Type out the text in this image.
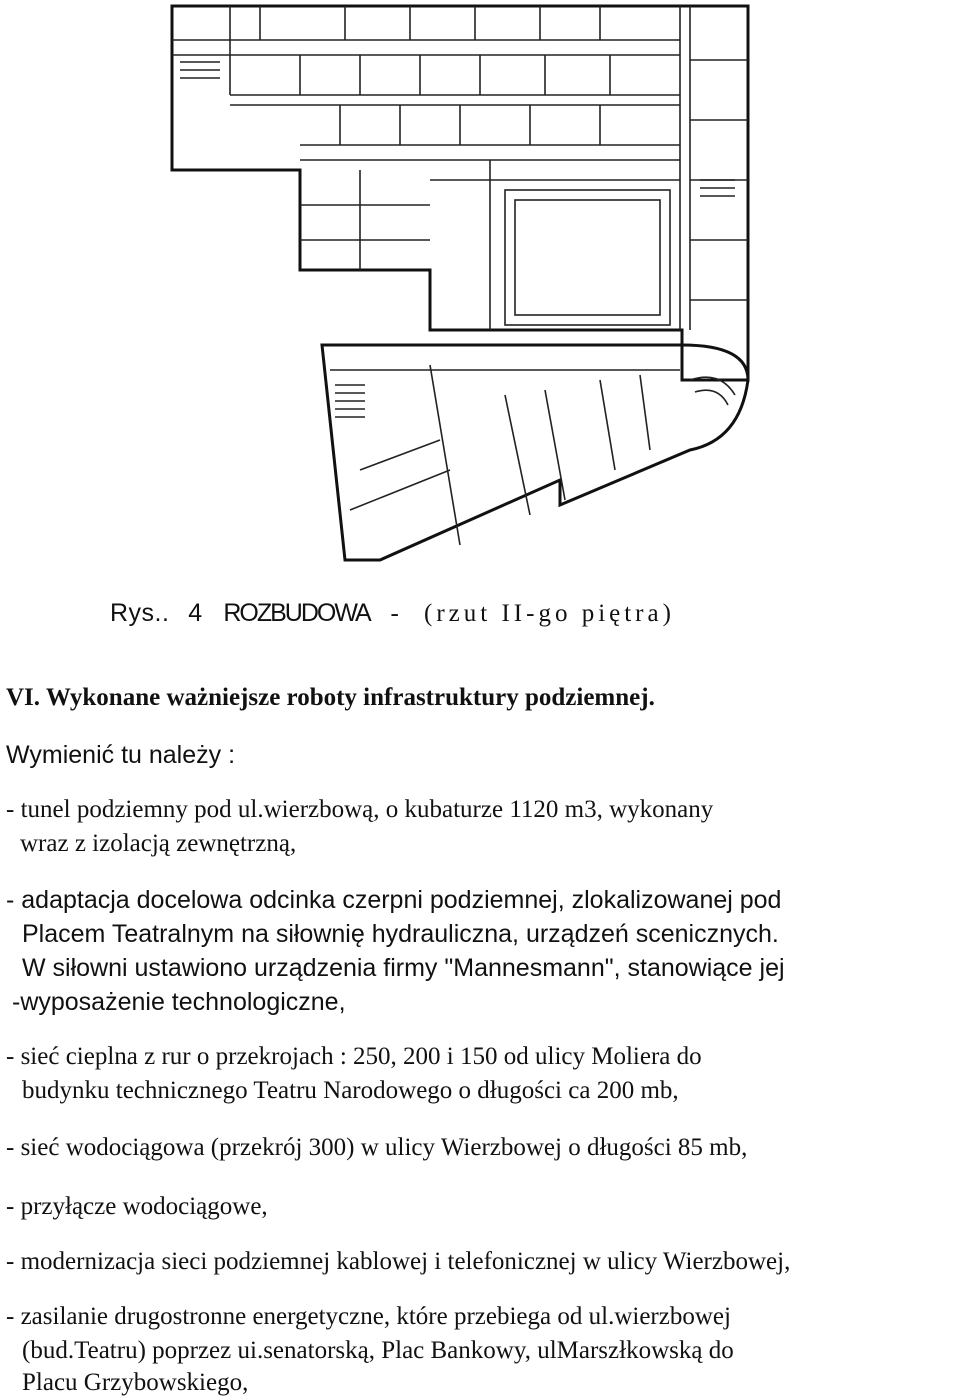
Rys.. 4 ROZBUDOWA - (rzut II-go piętra)
VI. Wykonane ważniejsze roboty infrastruktury podziemnej.
Wymienić tu należy :
- tunel podziemny pod ul.wierzbową, o kubaturze 1120 m3, wykonany
wraz z izolacją zewnętrzną,
- adaptacja docelowa odcinka czerpni podziemnej, zlokalizowanej pod
Placem Teatralnym na siłownię hydrauliczna, urządzeń scenicznych.
W siłowni ustawiono urządzenia firmy "Mannesmann", stanowiące jej
-wyposażenie technologiczne,
- sieć cieplna z rur o przekrojach : 250, 200 i 150 od ulicy Moliera do
budynku technicznego Teatru Narodowego o długości ca 200 mb,
- sieć wodociągowa (przekrój 300) w ulicy Wierzbowej o długości 85 mb,
- przyłącze wodociągowe,
- modernizacja sieci podziemnej kablowej i telefonicznej w ulicy Wierzbowej,
- zasilanie drugostronne energetyczne, które przebiega od ul.wierzbowej
(bud.Teatru) poprzez ui.senatorską, Plac Bankowy, ulMarszłkowską do
Placu Grzybowskiego,
